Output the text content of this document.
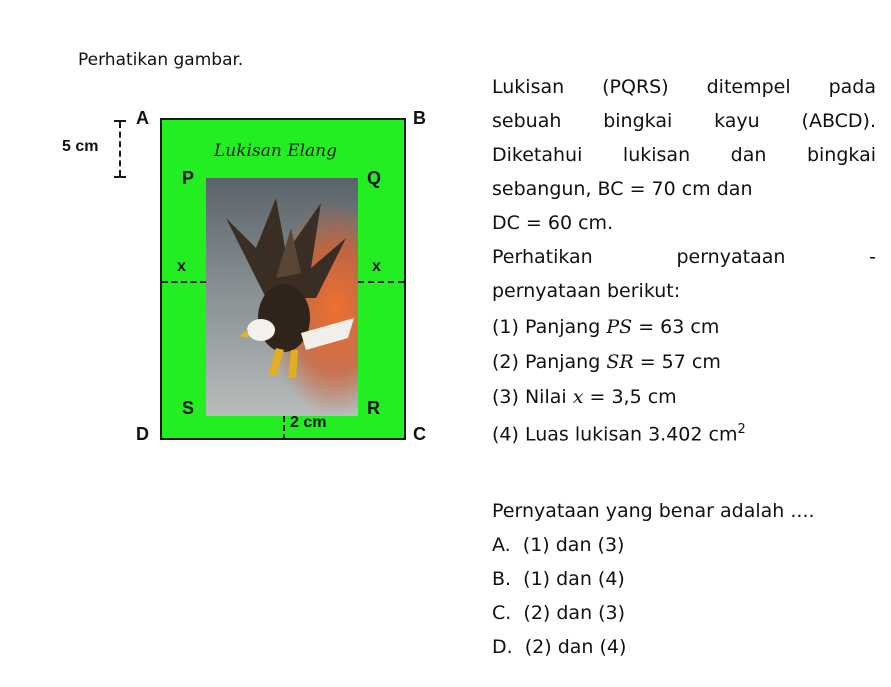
Perhatikan gambar.
Lukisan Elang
A	B
C
D
P	Q
R
S
5 cm
2 cm
x	x
Lukisan (PQRS) ditempel pada
sebuah bingkai kayu (ABCD).
Diketahui lukisan dan bingkai
sebangun, BC = 70 cm dan
DC = 60 cm.
Perhatikan pernyataan -
pernyataan berikut:
(1) Panjang PS = 63 cm
(2) Panjang SR = 57 cm
(3) Nilai x = 3,5 cm
(4) Luas lukisan 3.402 $cm^2$
Pernyataan yang benar adalah ....
A. (1) dan (3)
B. (1) dan (4)
C. (2) dan (3)
D. (2) dan (4)
